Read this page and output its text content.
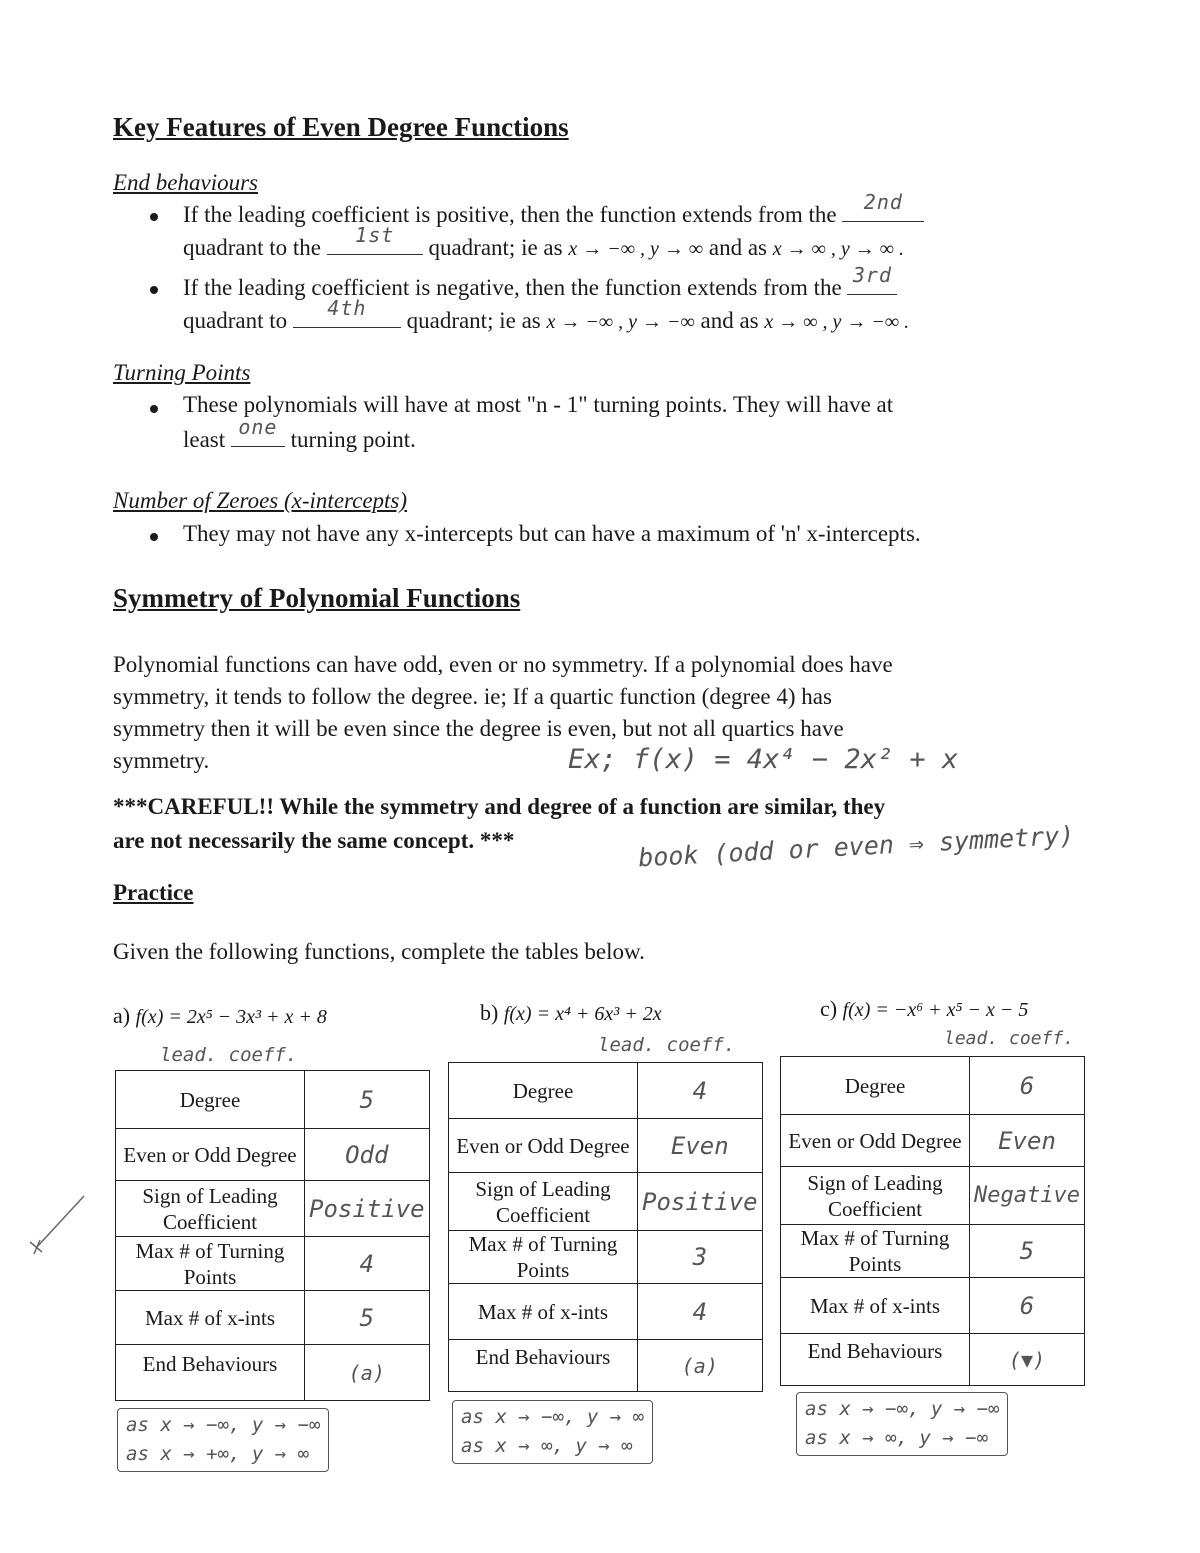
Key Features of Even Degree Functions
End behaviours
If the leading coefficient is positive, then the function extends from the	2nd
quadrant to the	1st	quadrant; ie as x → −∞ , y → ∞ and as x → ∞ , y → ∞ .
If the leading coefficient is negative, then the function extends from the 3rd
quadrant to	4th	quadrant; ie as x → −∞ , y → −∞ and as x → ∞ , y → −∞ .
Turning Points
These polynomials will have at most "n - 1" turning points. They will have at
least one turning point.
Number of Zeroes (x-intercepts)
They may not have any x-intercepts but can have a maximum of 'n' x-intercepts.
Symmetry of Polynomial Functions
Polynomial functions can have odd, even or no symmetry. If a polynomial does have
symmetry, it tends to follow the degree. ie; If a quartic function (degree 4) has
symmetry then it will be even since the degree is even, but not all quartics have
symmetry.	Ex; f(x) = 4x⁴ − 2x² + x
***CAREFUL!! While the symmetry and degree of a function are similar, they
are not necessarily the same concept. ***	book (odd or even ⇒ symmetry)
Practice
Given the following functions, complete the tables below.
a) f(x) = 2x⁵ − 3x³ + x + 8
lead. coeff.
Degree	5
Even or Odd Degree	Odd
Sign of Leading Coefficient	Positive
Max # of Turning Points	4
Max # of x-ints	5
End Behaviours	(a)
as x → −∞, y → −∞
as x → +∞, y → ∞
b) f(x) = x⁴ + 6x³ + 2x
lead. coeff.
Degree	4
Even or Odd Degree	Even
Sign of Leading Coefficient	Positive
Max # of Turning Points	3
Max # of x-ints	4
End Behaviours	(a)
as x → −∞, y → ∞
as x → ∞, y → ∞
c) f(x) = −x⁶ + x⁵ − x − 5
lead. coeff.
Degree	6
Even or Odd Degree	Even
Sign of Leading Coefficient	Negative
Max # of Turning Points	5
Max # of x-ints	6
End Behaviours	(▼)
as x → −∞, y → −∞
as x → ∞, y → −∞
